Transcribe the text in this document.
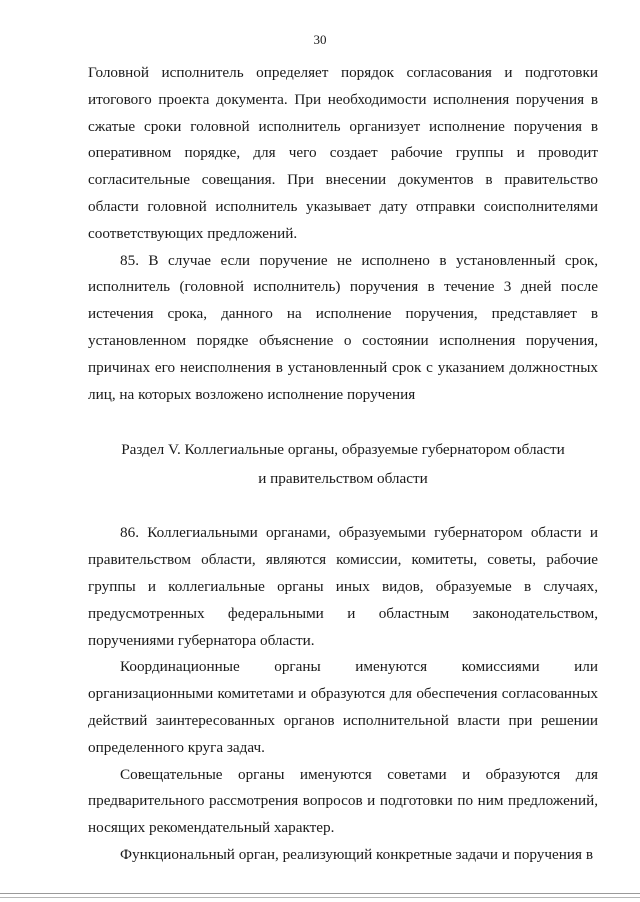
30

Головной исполнитель определяет порядок согласования и подготовки итогового проекта документа. При необходимости исполнения поручения в сжатые сроки головной исполнитель организует исполнение поручения в оперативном порядке, для чего создает рабочие группы и проводит согласительные совещания. При внесении документов в правительство области головной исполнитель указывает дату отправки соисполнителями соответствующих предложений.

85. В случае если поручение не исполнено в установленный срок, исполнитель (головной исполнитель) поручения в течение 3 дней после истечения срока, данного на исполнение поручения, представляет в установленном порядке объяснение о состоянии исполнения поручения, причинах его неисполнения в установленный срок с указанием должностных лиц, на которых возложено исполнение поручения

Раздел V. Коллегиальные органы, образуемые губернатором области

и правительством области

86. Коллегиальными органами, образуемыми губернатором области и правительством области, являются комиссии, комитеты, советы, рабочие группы и коллегиальные органы иных видов, образуемые в случаях, предусмотренных федеральными и областным законодательством, поручениями губернатора области.

Координационные органы именуются комиссиями или организационными комитетами и образуются для обеспечения согласованных действий заинтересованных органов исполнительной власти при решении определенного круга задач.

Совещательные органы именуются советами и образуются для предварительного рассмотрения вопросов и подготовки по ним предложений, носящих рекомендательный характер.

Функциональный орган, реализующий конкретные задачи и поручения в
